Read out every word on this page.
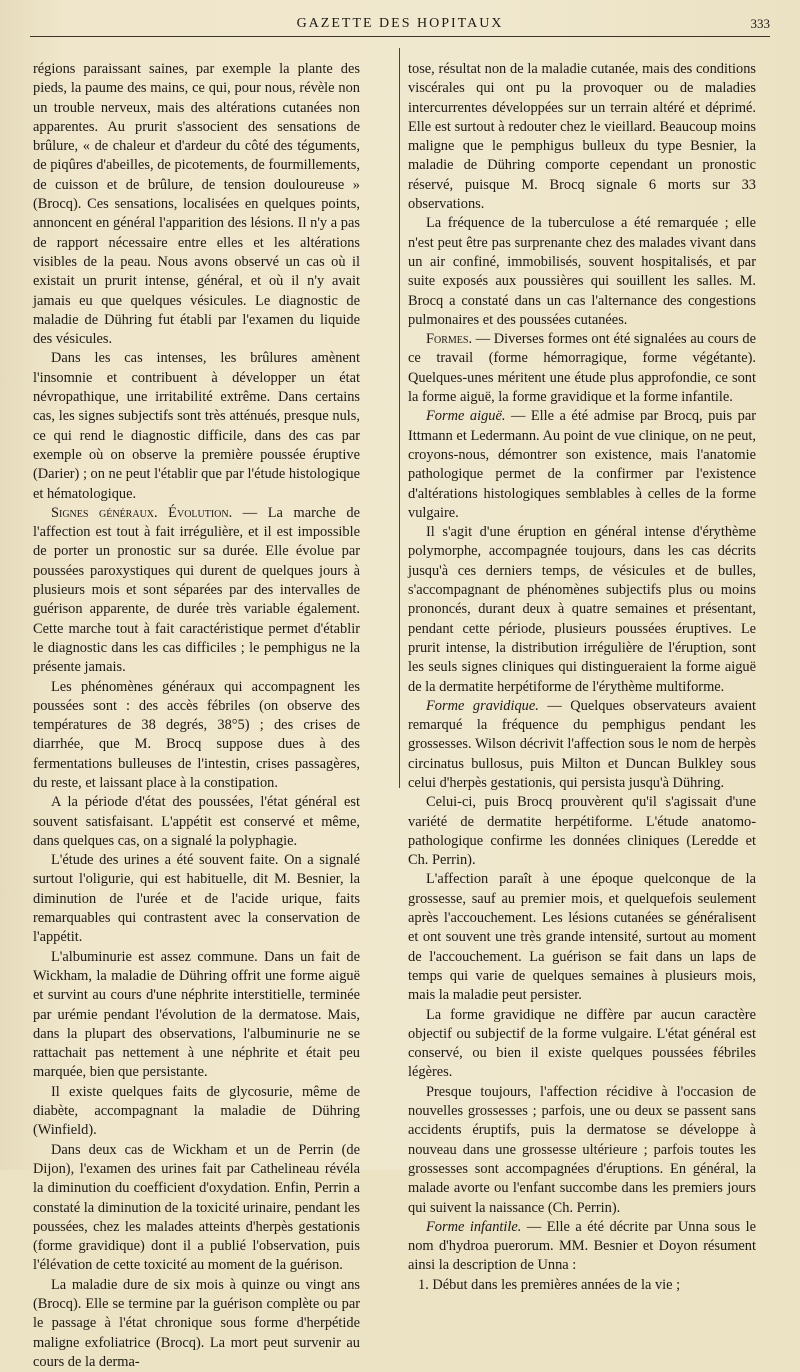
GAZETTE DES HOPITAUX	333

régions paraissant saines, par exemple la plante des pieds, la paume des mains, ce qui, pour nous, révèle non un trouble nerveux, mais des altérations cutanées non apparentes. Au prurit s'associent des sensations de brûlure, « de chaleur et d'ardeur du côté des téguments, de piqûres d'abeilles, de picotements, de fourmillements, de cuisson et de brûlure, de tension douloureuse » (Brocq). Ces sensations, localisées en quelques points, annoncent en général l'apparition des lésions. Il n'y a pas de rapport nécessaire entre elles et les altérations visibles de la peau. Nous avons observé un cas où il existait un prurit intense, général, et où il n'y avait jamais eu que quelques vésicules. Le diagnostic de maladie de Dühring fut établi par l'examen du liquide des vésicules.

Dans les cas intenses, les brûlures amènent l'insomnie et contribuent à développer un état névropathique, une irritabilité extrême. Dans certains cas, les signes subjectifs sont très atténués, presque nuls, ce qui rend le diagnostic difficile, dans des cas par exemple où on observe la première poussée éruptive (Darier) ; on ne peut l'établir que par l'étude histologique et hématologique.

Signes généraux. Évolution. — La marche de l'affection est tout à fait irrégulière, et il est impossible de porter un pronostic sur sa durée. Elle évolue par poussées paroxystiques qui durent de quelques jours à plusieurs mois et sont séparées par des intervalles de guérison apparente, de durée très variable également. Cette marche tout à fait caractéristique permet d'établir le diagnostic dans les cas difficiles ; le pemphigus ne la présente jamais.

Les phénomènes généraux qui accompagnent les poussées sont : des accès fébriles (on observe des températures de 38 degrés, 38°5) ; des crises de diarrhée, que M. Brocq suppose dues à des fermentations bulleuses de l'intestin, crises passagères, du reste, et laissant place à la constipation.

A la période d'état des poussées, l'état général est souvent satisfaisant. L'appétit est conservé et même, dans quelques cas, on a signalé la polyphagie.

L'étude des urines a été souvent faite. On a signalé surtout l'oligurie, qui est habituelle, dit M. Besnier, la diminution de l'urée et de l'acide urique, faits remarquables qui contrastent avec la conservation de l'appétit.

L'albuminurie est assez commune. Dans un fait de Wickham, la maladie de Dühring offrit une forme aiguë et survint au cours d'une néphrite interstitielle, terminée par urémie pendant l'évolution de la dermatose. Mais, dans la plupart des observations, l'albuminurie ne se rattachait pas nettement à une néphrite et était peu marquée, bien que persistante.

Il existe quelques faits de glycosurie, même de diabète, accompagnant la maladie de Dühring (Winfield).

Dans deux cas de Wickham et un de Perrin (de Dijon), l'examen des urines fait par Cathelineau révéla la diminution du coefficient d'oxydation. Enfin, Perrin a constaté la diminution de la toxicité urinaire, pendant les poussées, chez les malades atteints d'herpès gestationis (forme gravidique) dont il a publié l'observation, puis l'élévation de cette toxicité au moment de la guérison.

La maladie dure de six mois à quinze ou vingt ans (Brocq). Elle se termine par la guérison complète ou par le passage à l'état chronique sous forme d'herpétide maligne exfoliatrice (Brocq). La mort peut survenir au cours de la derma-

tose, résultat non de la maladie cutanée, mais des conditions viscérales qui ont pu la provoquer ou de maladies intercurrentes développées sur un terrain altéré et déprimé. Elle est surtout à redouter chez le vieillard. Beaucoup moins maligne que le pemphigus bulleux du type Besnier, la maladie de Dühring comporte cependant un pronostic réservé, puisque M. Brocq signale 6 morts sur 33 observations.

La fréquence de la tuberculose a été remarquée ; elle n'est peut être pas surprenante chez des malades vivant dans un air confiné, immobilisés, souvent hospitalisés, et par suite exposés aux poussières qui souillent les salles. M. Brocq a constaté dans un cas l'alternance des congestions pulmonaires et des poussées cutanées.

Formes. — Diverses formes ont été signalées au cours de ce travail (forme hémorragique, forme végétante). Quelques-unes méritent une étude plus approfondie, ce sont la forme aiguë, la forme gravidique et la forme infantile.

Forme aiguë. — Elle a été admise par Brocq, puis par Ittmann et Ledermann. Au point de vue clinique, on ne peut, croyons-nous, démontrer son existence, mais l'anatomie pathologique permet de la confirmer par l'existence d'altérations histologiques semblables à celles de la forme vulgaire.

Il s'agit d'une éruption en général intense d'érythème polymorphe, accompagnée toujours, dans les cas décrits jusqu'à ces derniers temps, de vésicules et de bulles, s'accompagnant de phénomènes subjectifs plus ou moins prononcés, durant deux à quatre semaines et présentant, pendant cette période, plusieurs poussées éruptives. Le prurit intense, la distribution irrégulière de l'éruption, sont les seuls signes cliniques qui distingueraient la forme aiguë de la dermatite herpétiforme de l'érythème multiforme.

Forme gravidique. — Quelques observateurs avaient remarqué la fréquence du pemphigus pendant les grossesses. Wilson décrivit l'affection sous le nom de herpès circinatus bullosus, puis Milton et Duncan Bulkley sous celui d'herpès gestationis, qui persista jusqu'à Dühring.

Celui-ci, puis Brocq prouvèrent qu'il s'agissait d'une variété de dermatite herpétiforme. L'étude anatomo-pathologique confirme les données cliniques (Leredde et Ch. Perrin).

L'affection paraît à une époque quelconque de la grossesse, sauf au premier mois, et quelquefois seulement après l'accouchement. Les lésions cutanées se généralisent et ont souvent une très grande intensité, surtout au moment de l'accouchement. La guérison se fait dans un laps de temps qui varie de quelques semaines à plusieurs mois, mais la maladie peut persister.

La forme gravidique ne diffère par aucun caractère objectif ou subjectif de la forme vulgaire. L'état général est conservé, ou bien il existe quelques poussées fébriles légères.

Presque toujours, l'affection récidive à l'occasion de nouvelles grossesses ; parfois, une ou deux se passent sans accidents éruptifs, puis la dermatose se développe à nouveau dans une grossesse ultérieure ; parfois toutes les grossesses sont accompagnées d'éruptions. En général, la malade avorte ou l'enfant succombe dans les premiers jours qui suivent la naissance (Ch. Perrin).

Forme infantile. — Elle a été décrite par Unna sous le nom d'hydroa puerorum. MM. Besnier et Doyon résument ainsi la description de Unna :

1. Début dans les premières années de la vie ;
